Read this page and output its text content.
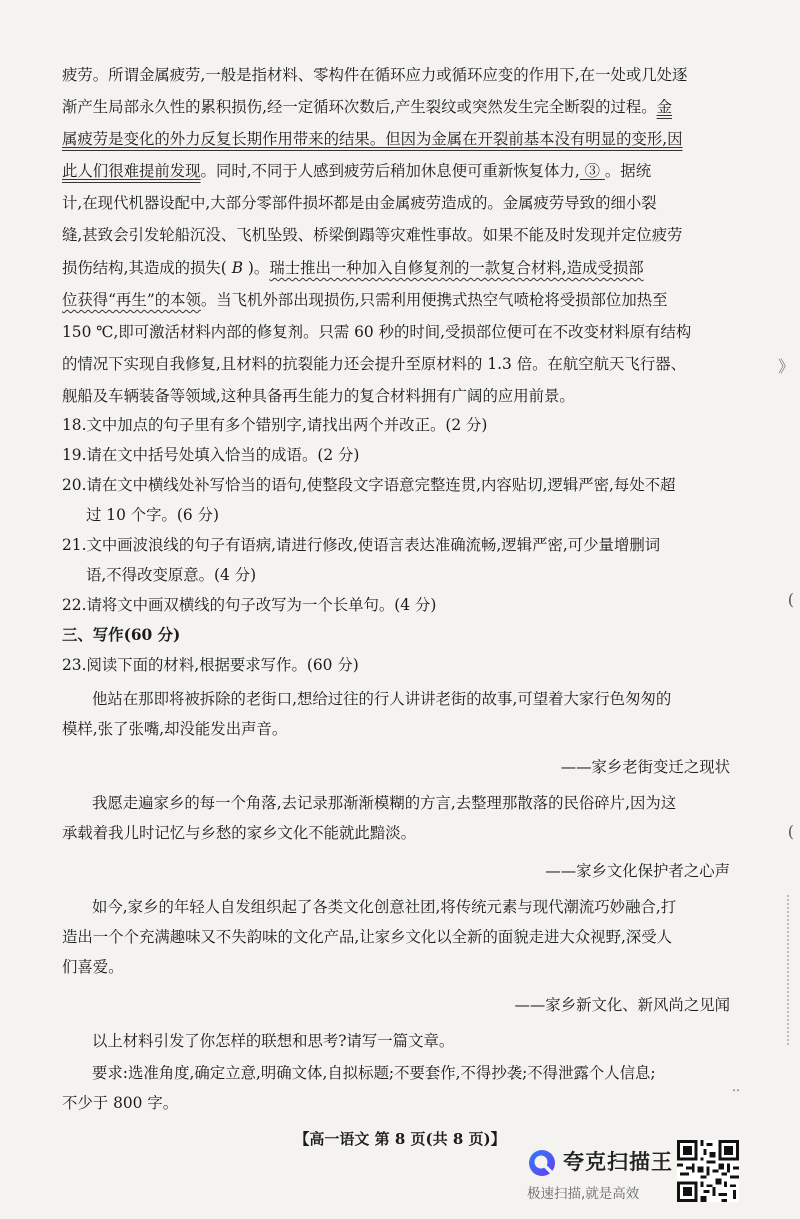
疲劳。所谓金属疲劳,一般是指材料、零构件在循环应力或循环应变的作用下,在一处或几处逐
渐产生局部永久性的累积损伤,经一定循环次数后,产生裂纹或突然发生完全断裂的过程。金
属疲劳是变化的外力反复长期作用带来的结果。但因为金属在开裂前基本没有明显的变形,因
此人们很难提前发现。同时,不同于人感到疲劳后稍加休息便可重新恢复体力, ③ 。据统
计,在现代机器设配中,大部分零部件损坏都是由金属疲劳造成的。金属疲劳导致的细小裂
缝,甚致会引发轮船沉没、飞机坠毁、桥梁倒蹋等灾难性事故。如果不能及时发现并定位疲劳
损伤结构,其造成的损失( B )。瑞士推出一种加入自修复剂的一款复合材料,造成受损部
位获得“再生”的本领。当飞机外部出现损伤,只需利用便携式热空气喷枪将受损部位加热至
150 ℃,即可激活材料内部的修复剂。只需 60 秒的时间,受损部位便可在不改变材料原有结构
的情况下实现自我修复,且材料的抗裂能力还会提升至原材料的 1.3 倍。在航空航天飞行器、
舰船及车辆装备等领域,这种具备再生能力的复合材料拥有广阔的应用前景。
18.文中加点的句子里有多个错别字,请找出两个并改正。(2 分)
19.请在文中括号处填入恰当的成语。(2 分)
20.请在文中横线处补写恰当的语句,使整段文字语意完整连贯,内容贴切,逻辑严密,每处不超
过 10 个字。(6 分)
21.文中画波浪线的句子有语病,请进行修改,使语言表达准确流畅,逻辑严密,可少量增删词
语,不得改变原意。(4 分)
22.请将文中画双横线的句子改写为一个长单句。(4 分)
三、写作(60 分)
23.阅读下面的材料,根据要求写作。(60 分)
他站在那即将被拆除的老街口,想给过往的行人讲讲老街的故事,可望着大家行色匆匆的
模样,张了张嘴,却没能发出声音。
——家乡老街变迁之现状
我愿走遍家乡的每一个角落,去记录那渐渐模糊的方言,去整理那散落的民俗碎片,因为这
承载着我儿时记忆与乡愁的家乡文化不能就此黯淡。
——家乡文化保护者之心声
如今,家乡的年轻人自发组织起了各类文化创意社团,将传统元素与现代潮流巧妙融合,打
造出一个个充满趣味又不失韵味的文化产品,让家乡文化以全新的面貌走进大众视野,深受人
们喜爱。
——家乡新文化、新风尚之见闻
以上材料引发了你怎样的联想和思考?请写一篇文章。
要求:选准角度,确定立意,明确文体,自拟标题;不要套作,不得抄袭;不得泄露个人信息;
不少于 800 字。
【高一语文 第 8 页(共 8 页)】
》
(
(
夸克扫描王
极速扫描,就是高效
‥
